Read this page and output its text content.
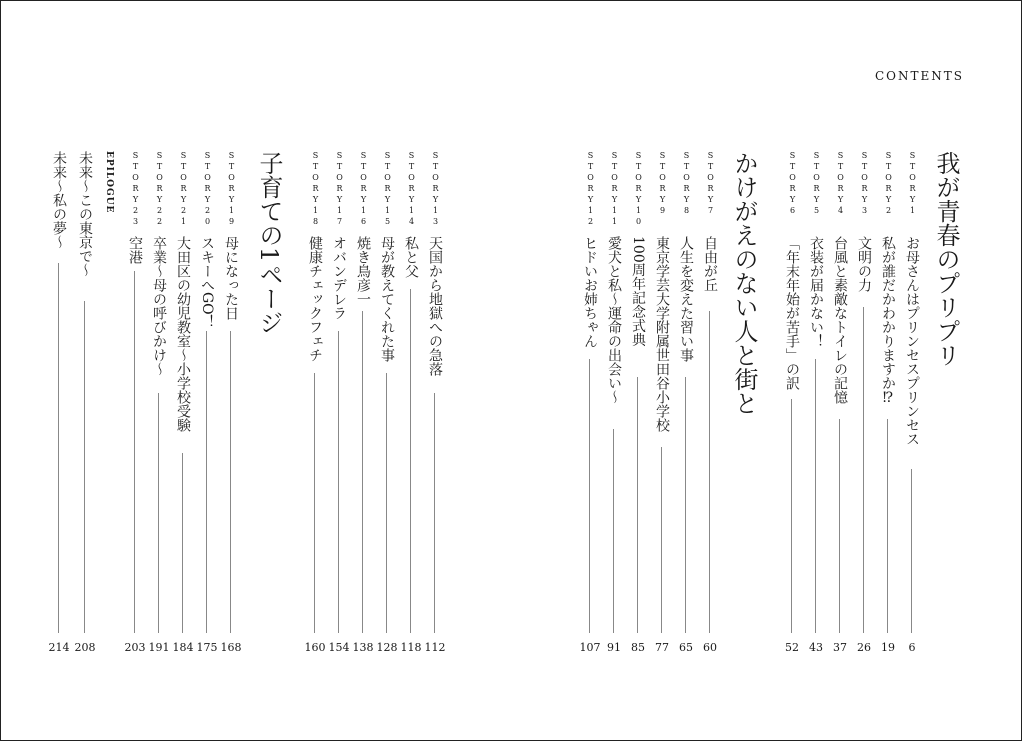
CONTENTS
我が青春のプリプリ
STORY1
お母さんはプリンセスプリンセス
6
STORY2
私が誰だかわかりますか⁉
19
STORY3
文明の力
26
STORY4
台風と素敵なトイレの記憶
37
STORY5
衣装が届かない！
43
STORY6
「年末年始が苦手」の訳
52
かけがえのない人と街と
STORY7
自由が丘
60
STORY8
人生を変えた習い事
65
STORY9
東京学芸大学附属世田谷小学校
77
STORY10
100周年記念式典
85
STORY11
愛犬と私～運命の出会い～
91
STORY12
ヒドいお姉ちゃん
107
STORY13
天国から地獄への急落
112
STORY14
私と父
118
STORY15
母が教えてくれた事
128
STORY16
焼き鳥彦一
138
STORY17
オバンデレラ
154
STORY18
健康チェックフェチ
160
子育ての1ページ
STORY19
母になった日
168
STORY20
スキーへGO！
175
STORY21
大田区の幼児教室～小学校受験
184
STORY22
卒業～母の呼びかけ～
191
STORY23
空港
203
EPILOGUE
未来～この東京で～
208
未来～私の夢～
214
